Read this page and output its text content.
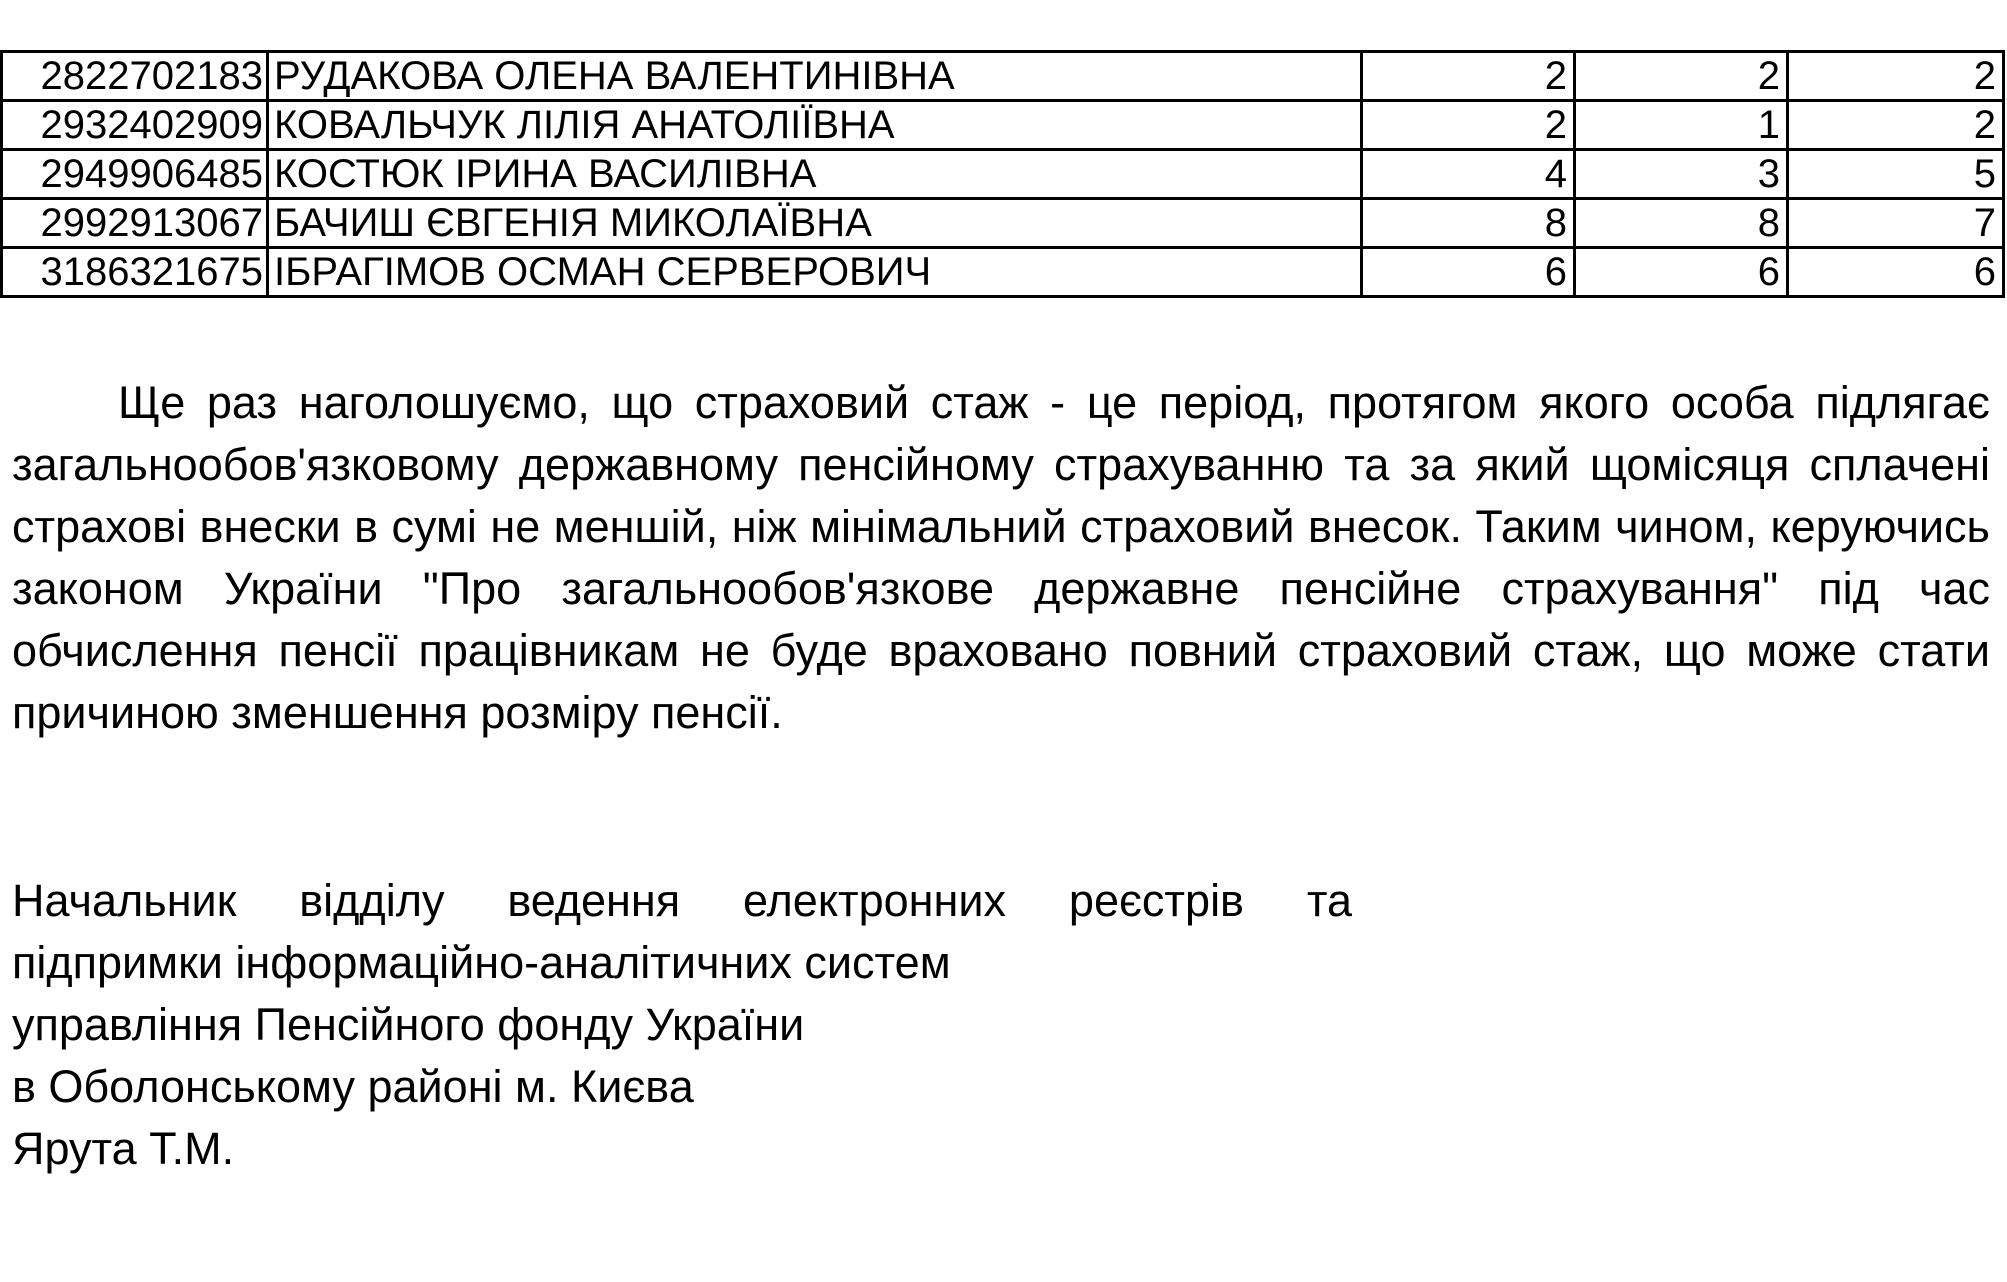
2822702183	РУДАКОВА ОЛЕНА ВАЛЕНТИНІВНА	2	2	2
2932402909	КОВАЛЬЧУК ЛІЛІЯ АНАТОЛІЇВНА	2	1	2
2949906485	КОСТЮК ІРИНА ВАСИЛІВНА	4	3	5
2992913067	БАЧИШ ЄВГЕНІЯ МИКОЛАЇВНА	8	8	7
3186321675	ІБРАГІМОВ ОСМАН СЕРВЕРОВИЧ	6	6	6

Ще раз наголошуємо, що страховий стаж - це період, протягом якого особа підлягає загальнообов'язковому державному пенсійному страхуванню та за який щомісяця сплачені страхові внески в сумі не меншій, ніж мінімальний страховий внесок. Таким чином, керуючись законом України "Про загальнообов'язкове державне пенсійне страхування" під час обчислення пенсії працівникам не буде враховано повний страховий стаж, що може стати причиною зменшення розміру пенсії.

Начальник відділу ведення електронних реєстрів та
підпримки інформаційно-аналітичних систем
управління Пенсійного фонду України
в Оболонському районі м. Києва
Ярута Т.М.
